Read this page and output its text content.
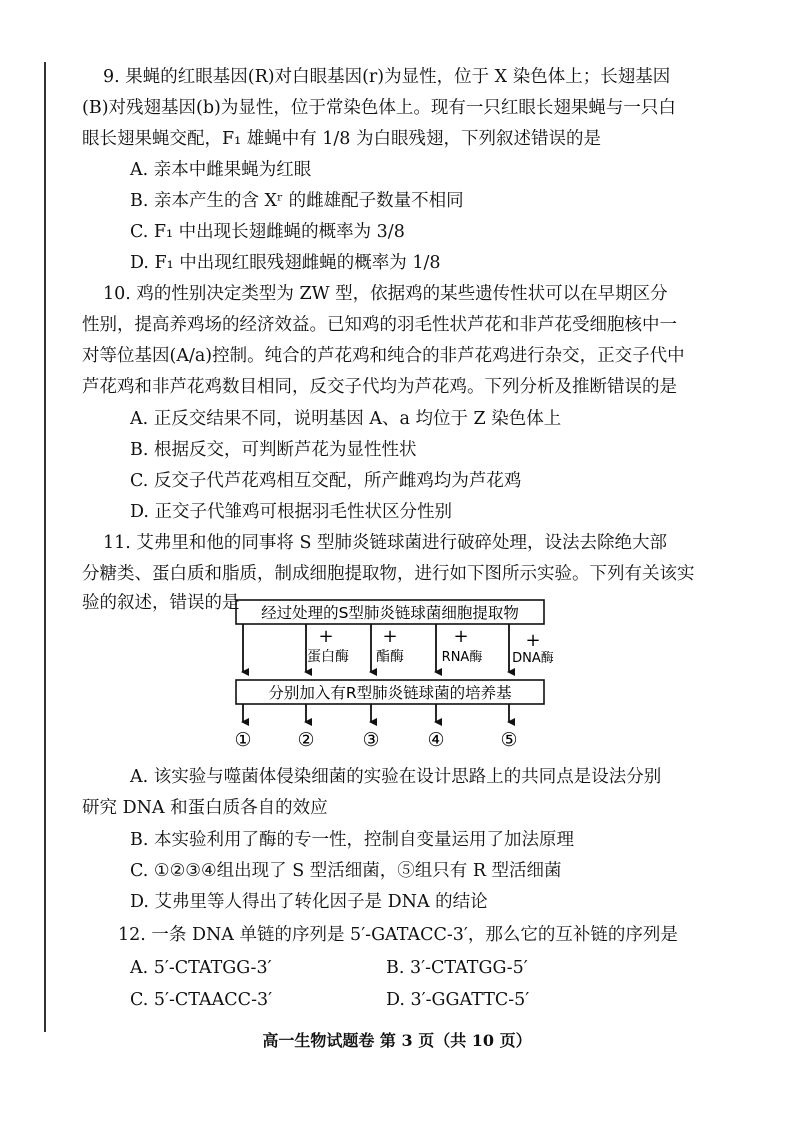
9. 果蝇的红眼基因(R)对白眼基因(r)为显性，位于 X 染色体上；长翅基因
(B)对残翅基因(b)为显性，位于常染色体上。现有一只红眼长翅果蝇与一只白
眼长翅果蝇交配，F₁ 雄蝇中有 1/8 为白眼残翅，下列叙述错误的是
A. 亲本中雌果蝇为红眼
B. 亲本产生的含 Xʳ 的雌雄配子数量不相同
C. F₁ 中出现长翅雌蝇的概率为 3/8
D. F₁ 中出现红眼残翅雌蝇的概率为 1/8
10. 鸡的性别决定类型为 ZW 型，依据鸡的某些遗传性状可以在早期区分
性别，提高养鸡场的经济效益。已知鸡的羽毛性状芦花和非芦花受细胞核中一
对等位基因(A/a)控制。纯合的芦花鸡和纯合的非芦花鸡进行杂交，正交子代中
芦花鸡和非芦花鸡数目相同，反交子代均为芦花鸡。下列分析及推断错误的是
A. 正反交结果不同，说明基因 A、a 均位于 Z 染色体上
B. 根据反交，可判断芦花为显性性状
C. 反交子代芦花鸡相互交配，所产雌鸡均为芦花鸡
D. 正交子代雏鸡可根据羽毛性状区分性别
11. 艾弗里和他的同事将 S 型肺炎链球菌进行破碎处理，设法去除绝大部
分糖类、蛋白质和脂质，制成细胞提取物，进行如下图所示实验。下列有关该实
验的叙述，错误的是 经过处理的S型肺炎链球菌细胞提取物
+	+	+	+
蛋白酶 酯酶	RNA酶 DNA酶
分别加入有R型肺炎链球菌的培养基
① ②	③	④	⑤
A. 该实验与噬菌体侵染细菌的实验在设计思路上的共同点是设法分别
研究 DNA 和蛋白质各自的效应
B. 本实验利用了酶的专一性，控制自变量运用了加法原理
C. ①②③④组出现了 S 型活细菌，⑤组只有 R 型活细菌
D. 艾弗里等人得出了转化因子是 DNA 的结论
12. 一条 DNA 单链的序列是 5′-GATACC-3′，那么它的互补链的序列是
A. 5′-CTATGG-3′	B. 3′-CTATGG-5′
C. 5′-CTAACC-3′	D. 3′-GGATTC-5′
高一生物试题卷 第 3 页（共 10 页）
